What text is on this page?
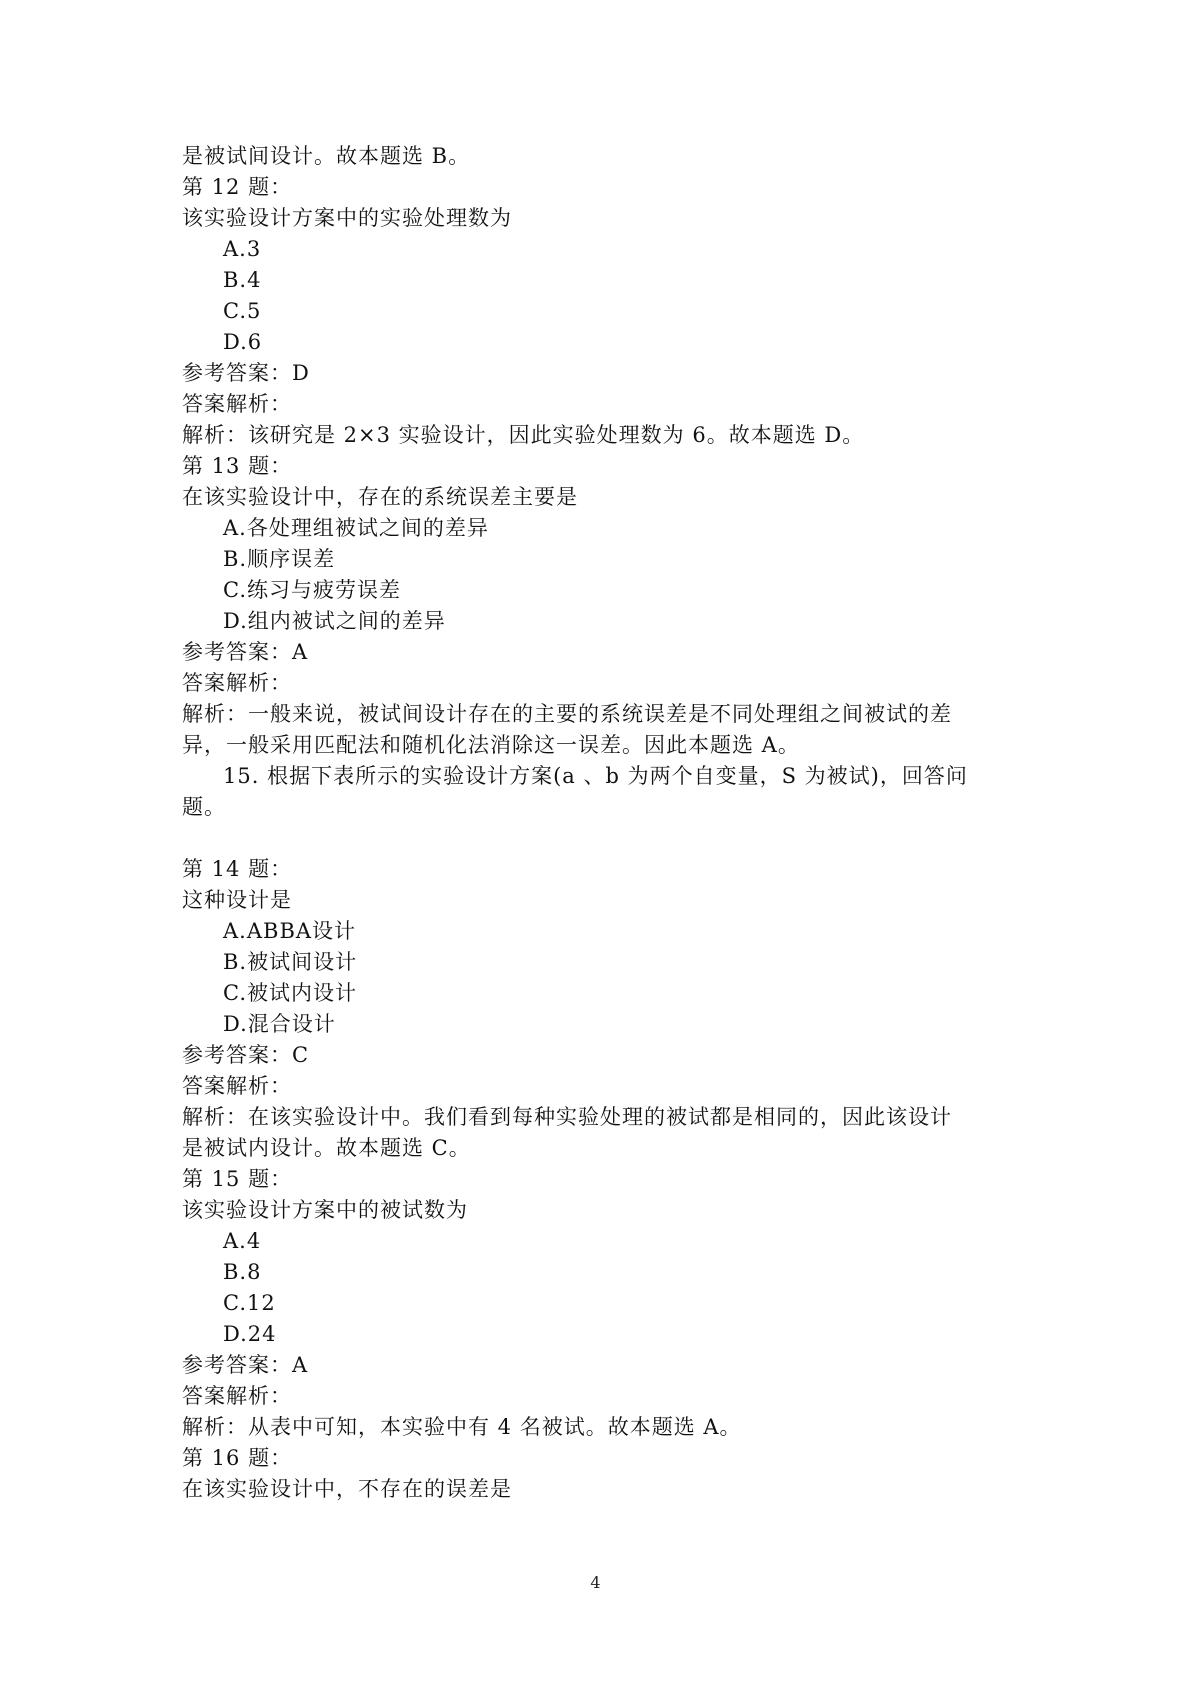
是被试间设计。故本题选 B。
第 12 题：
该实验设计方案中的实验处理数为
A.3
B.4
C.5
D.6
参考答案：D
答案解析：
解析：该研究是 2×3 实验设计，因此实验处理数为 6。故本题选 D。
第 13 题：
在该实验设计中，存在的系统误差主要是
A.各处理组被试之间的差异
B.顺序误差
C.练习与疲劳误差
D.组内被试之间的差异
参考答案：A
答案解析：
解析：一般来说，被试间设计存在的主要的系统误差是不同处理组之间被试的差
异，一般采用匹配法和随机化法消除这一误差。因此本题选 A。
15. 根据下表所示的实验设计方案(a 、b 为两个自变量，S 为被试)，回答问
题。
第 14 题：
这种设计是
A.ABBA设计
B.被试间设计
C.被试内设计
D.混合设计
参考答案：C
答案解析：
解析：在该实验设计中。我们看到每种实验处理的被试都是相同的，因此该设计
是被试内设计。故本题选 C。
第 15 题：
该实验设计方案中的被试数为
A.4
B.8
C.12
D.24
参考答案：A
答案解析：
解析：从表中可知，本实验中有 4 名被试。故本题选 A。
第 16 题：
在该实验设计中，不存在的误差是
4
